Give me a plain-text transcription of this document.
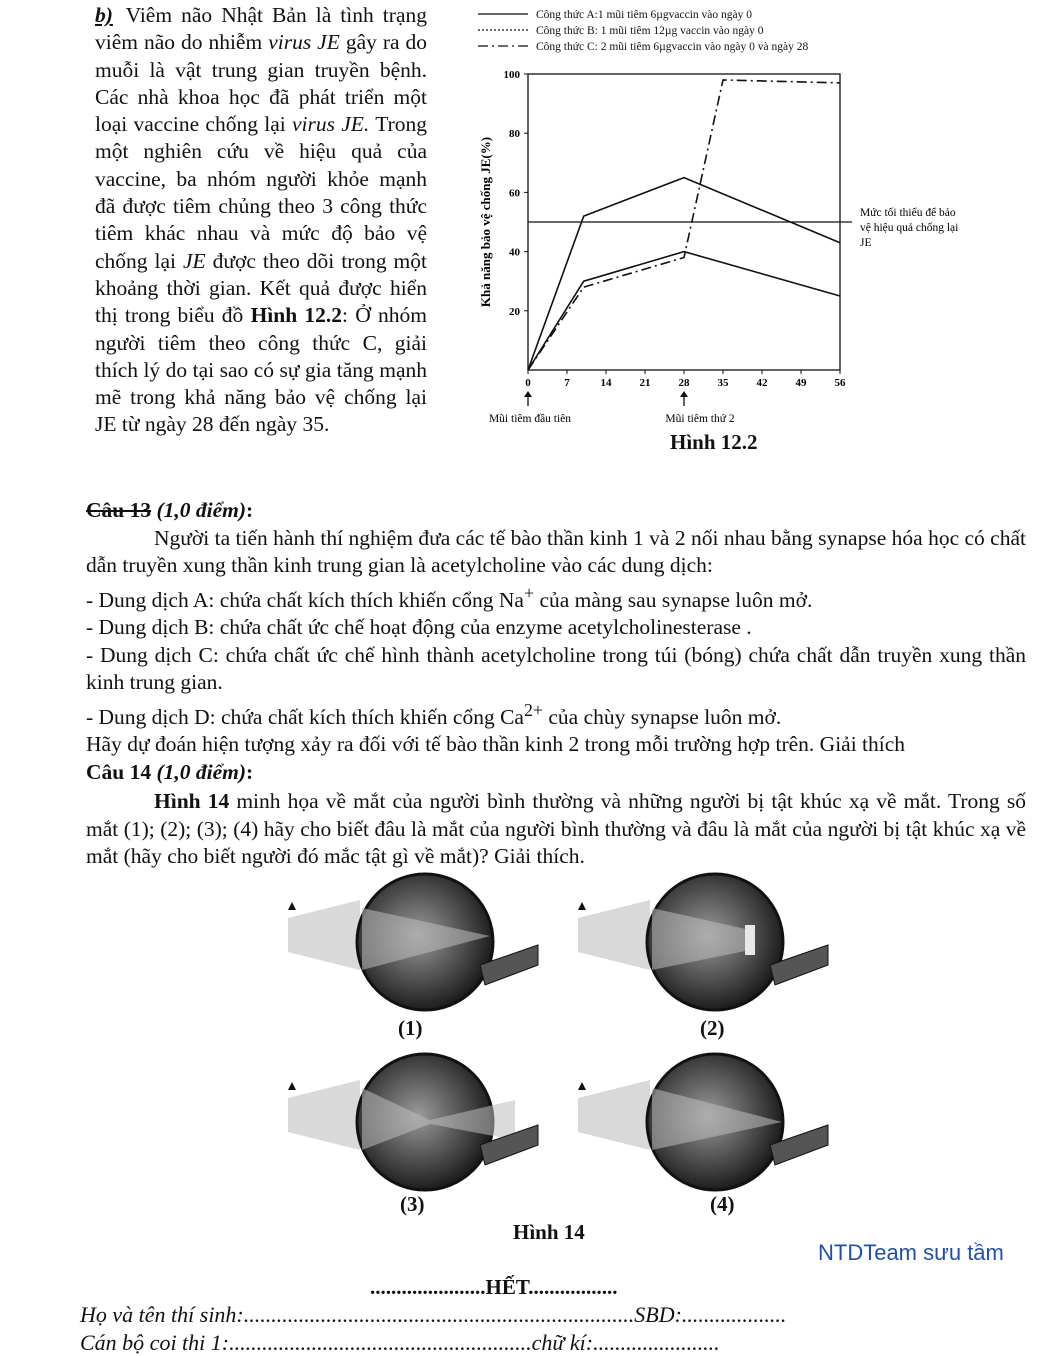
b) Viêm não Nhật Bản là tình trạng viêm não do nhiễm virus JE gây ra do muỗi là vật trung gian truyền bệnh. Các nhà khoa học đã phát triển một loại vaccine chống lại virus JE. Trong một nghiên cứu về hiệu quả của vaccine, ba nhóm người khỏe mạnh đã được tiêm chủng theo 3 công thức tiêm khác nhau và mức độ bảo vệ chống lại JE được theo dõi trong một khoảng thời gian. Kết quả được hiển thị trong biểu đồ Hình 12.2: Ở nhóm người tiêm theo công thức C, giải thích lý do tại sao có sự gia tăng mạnh mẽ trong khả năng bảo vệ chống lại JE từ ngày 28 đến ngày 35.
Công thức A:1 mũi tiêm 6µgvaccin vào ngày 0
Công thức B: 1 mũi tiêm 12µg vaccin vào ngày 0
Công thức C: 2 mũi tiêm 6µgvaccin vào ngày 0 và ngày 28
20
40
60
80
100
0	7	14	21	28	35	42	49	56
Khả năng bảo vệ chống JE(%)	Mức tối thiểu để bảo
vệ hiệu quả chống lại
JE
Mũi tiêm đầu tiên	Mũi tiêm thứ 2
Hình 12.2

Câu 13 (1,0 điểm):

Người ta tiến hành thí nghiệm đưa các tế bào thần kinh 1 và 2 nối nhau bằng synapse hóa học có chất dẫn truyền xung thần kinh trung gian là acetylcholine vào các dung dịch:

- Dung dịch A: chứa chất kích thích khiến cổng Na+ của màng sau synapse luôn mở.

- Dung dịch B: chứa chất ức chế hoạt động của enzyme acetylcholinesterase .

- Dung dịch C: chứa chất ức chế hình thành acetylcholine trong túi (bóng) chứa chất dẫn truyền xung thần kinh trung gian.

- Dung dịch D: chứa chất kích thích khiến cổng $Ca^{2+}$ của chùy synapse luôn mở.

Hãy dự đoán hiện tượng xảy ra đối với tế bào thần kinh 2 trong mỗi trường hợp trên. Giải thích

Câu 14 (1,0 điểm):

Hình 14 minh họa về mắt của người bình thường và những người bị tật khúc xạ về mắt. Trong số mắt (1); (2); (3); (4) hãy cho biết đâu là mắt của người bình thường và đâu là mắt của người bị tật khúc xạ về mắt (hãy cho biết người đó mắc tật gì về mắt)? Giải thích.

(1)	(2)
(3)	(4)
Hình 14
NTDTeam sưu tầm
......................HẾT.................
Họ và tên thí sinh:.......................................................................SBD:...................
Cán bộ coi thi 1:.......................................................chữ kí:.......................
